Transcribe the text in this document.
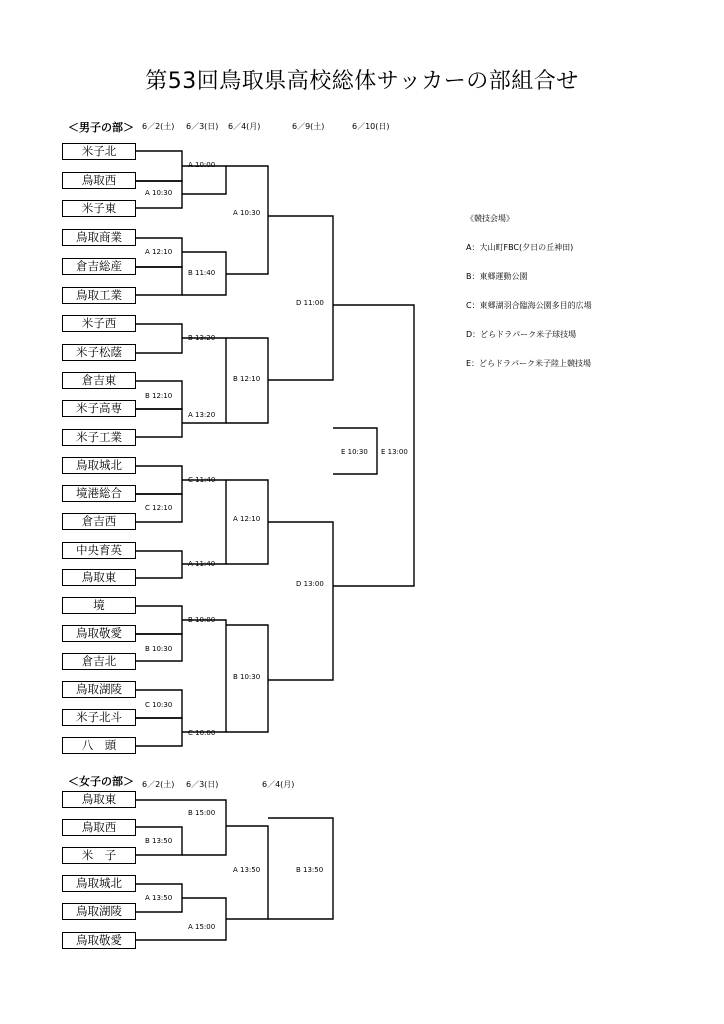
第53回鳥取県高校総体サッカーの部組合せ
＜男子の部＞ 6／2(土) 6／3(日) 6／4(月)	6／9(土)	6／10(日)
米子北
鳥取西
米子東
鳥取商業
倉吉総産
鳥取工業
米子西
米子松蔭
倉吉東
米子高専
米子工業
鳥取城北
境港総合
倉吉西
中央育英
鳥取東
境
鳥取敬愛
倉吉北
鳥取湖陵
米子北斗
八　頭
A 10:00
A 10:30
A 10:30
A 12:10
B 11:40
D 11:00
B 13:20
B 12:10
B 12:10
A 13:20
E 10:30 E 13:00
C 11:40
C 12:10
A 12:10
A 11:40
D 13:00
B 10:00
B 10:30
B 10:30
C 10:30
C 10:00
《競技会場》
A：大山町FBC(夕日の丘神田)
B：東郷運動公園
C：東郷湖羽合臨海公園多目的広場
D：どらドラパーク米子球技場
E：どらドラパーク米子陸上競技場
＜女子の部＞ 6／2(土) 6／3(日)	6／4(月)
鳥取東
鳥取西
米　子
鳥取城北
鳥取湖陵
鳥取敬愛
B 15:00
B 13:50
A 13:50	B 13:50
A 13:50
A 15:00
